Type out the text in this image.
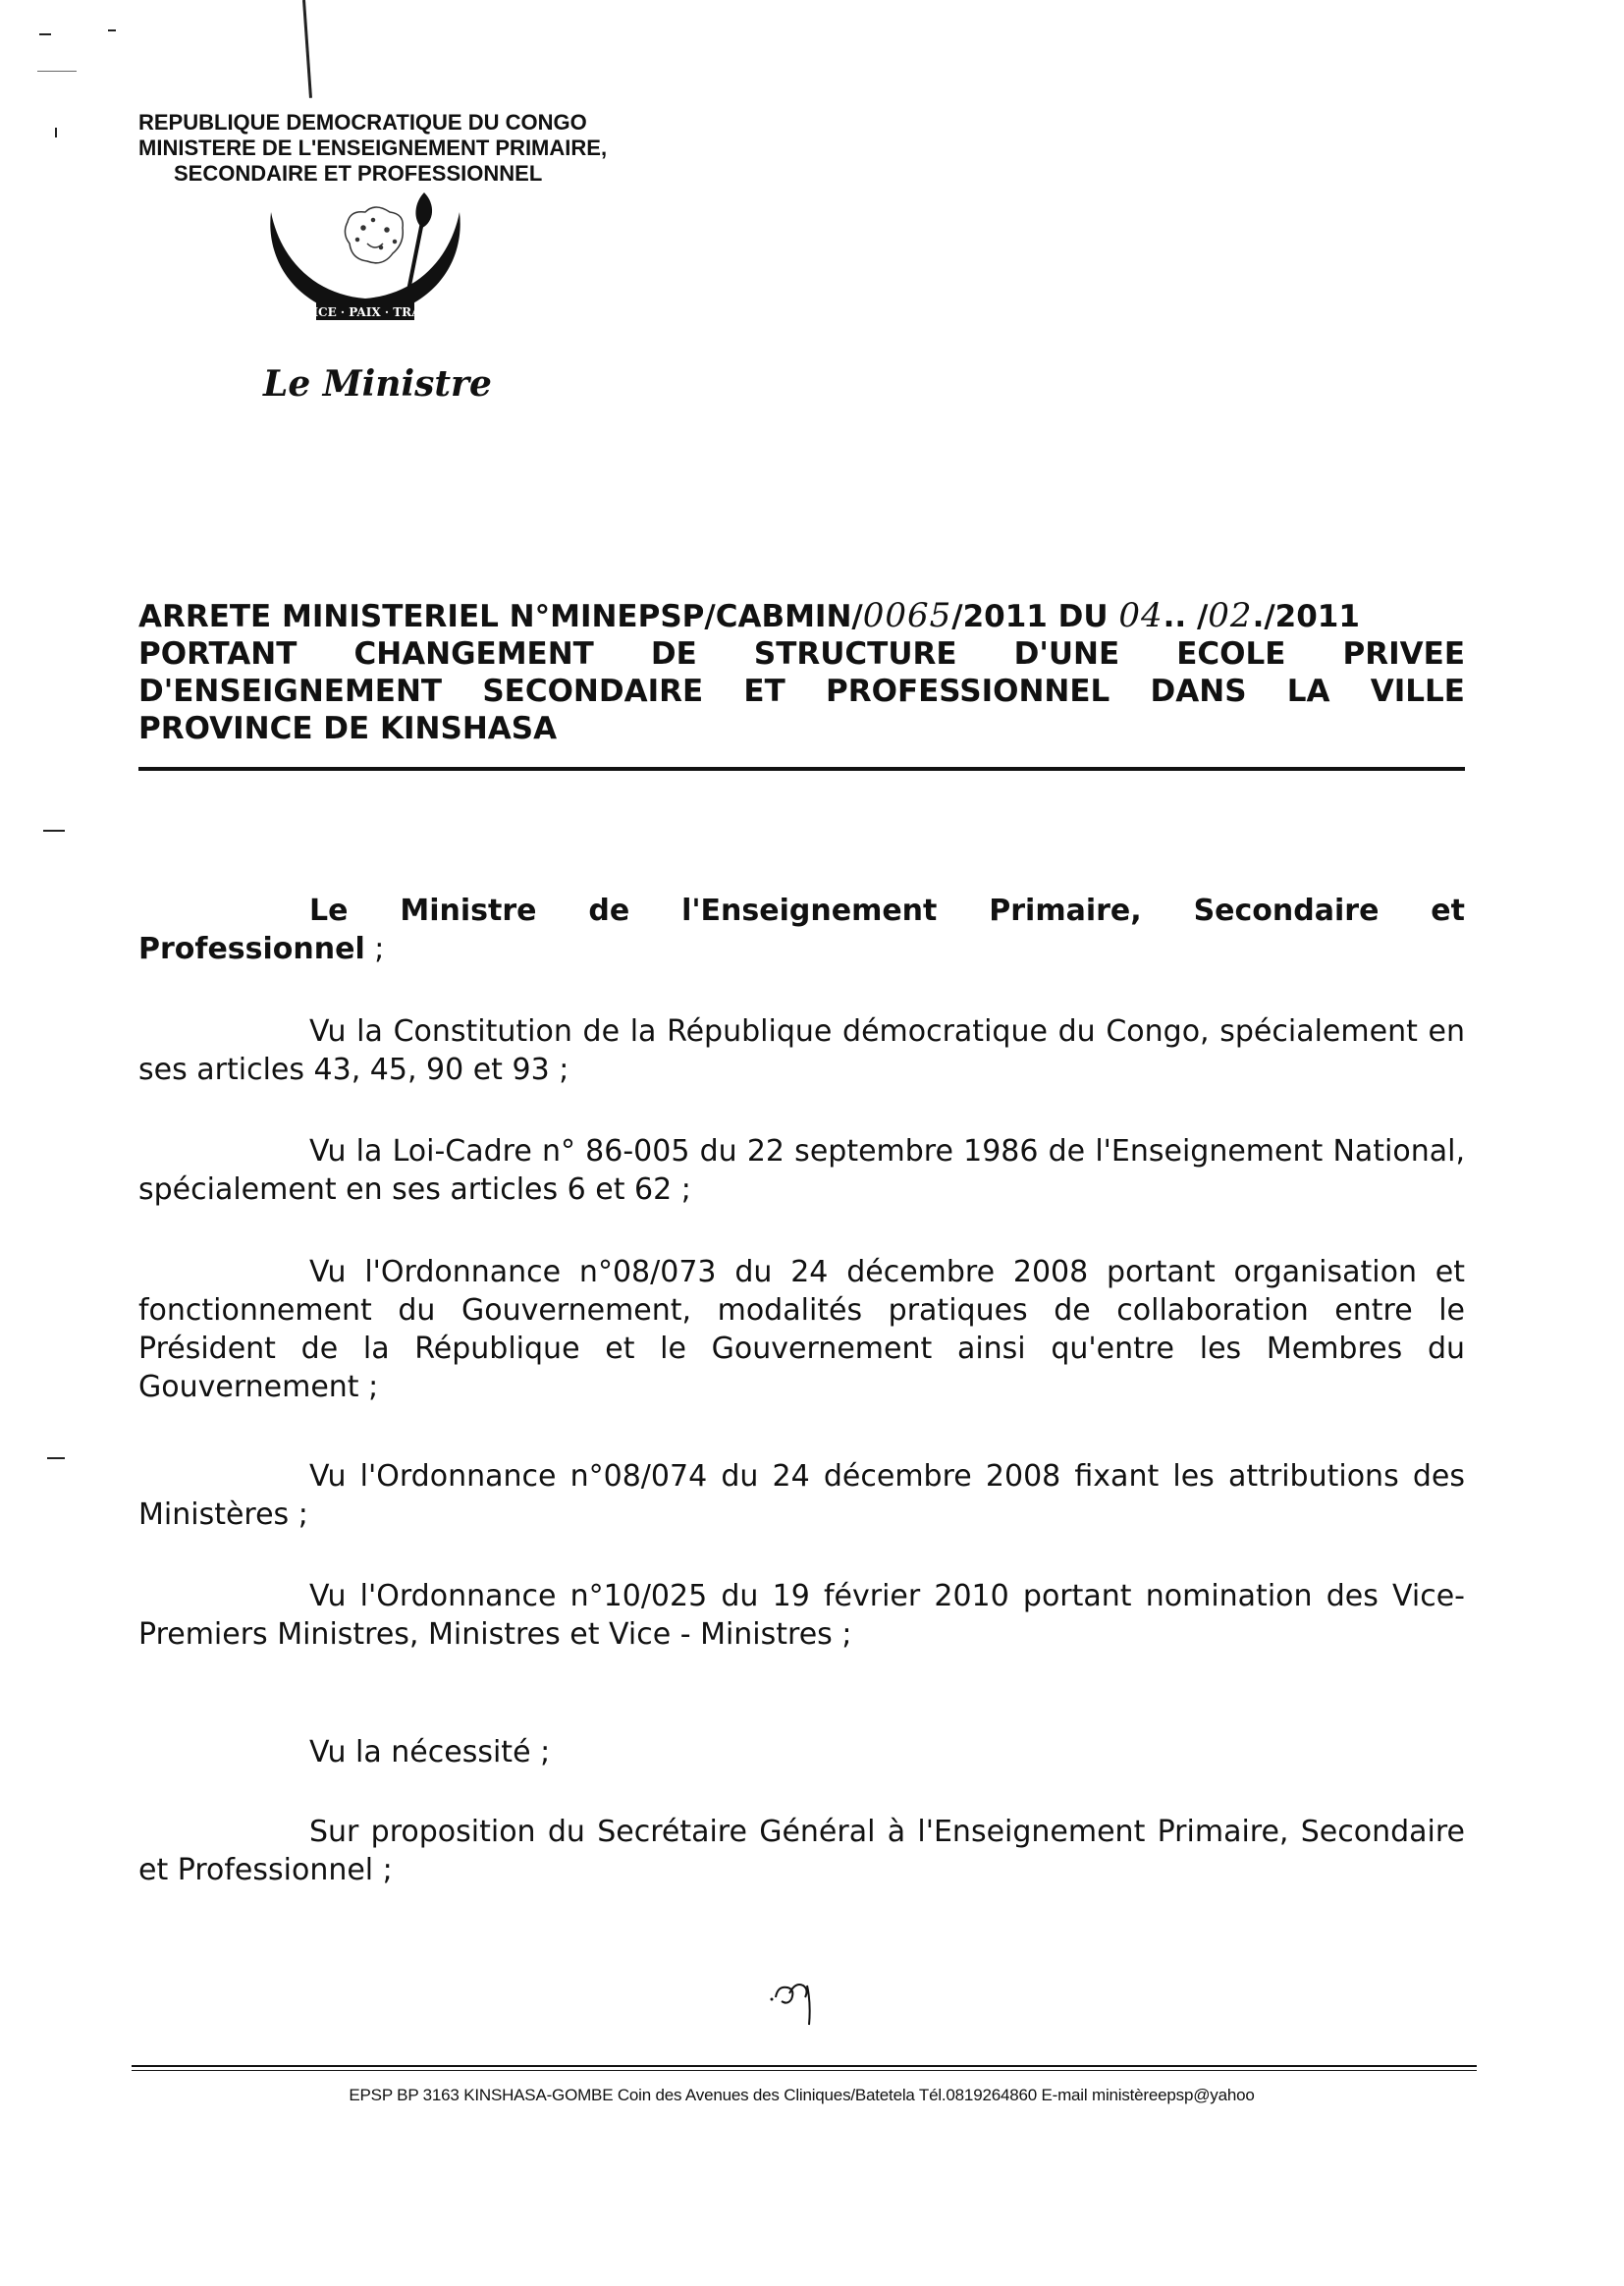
REPUBLIQUE DEMOCRATIQUE DU CONGO
MINISTERE DE L'ENSEIGNEMENT PRIMAIRE,
SECONDAIRE ET PROFESSIONNEL
JUSTICE · PAIX · TRAVAIL
Le Ministre
ARRETE MINISTERIEL N°MINEPSP/CABMIN/0065/2011 DU 04.. /02./2011
PORTANT CHANGEMENT DE STRUCTURE D'UNE ECOLE PRIVEE
D'ENSEIGNEMENT SECONDAIRE ET PROFESSIONNEL DANS LA VILLE
PROVINCE DE KINSHASA
Le Ministre de l'Enseignement Primaire, Secondaire et
Professionnel ;
Vu la Constitution de la République démocratique du Congo, spécialement en
ses articles 43, 45, 90 et 93 ;
Vu la Loi-Cadre n° 86-005 du 22 septembre 1986 de l'Enseignement National,
spécialement en ses articles 6 et 62 ;
Vu l'Ordonnance n°08/073 du 24 décembre 2008 portant organisation et
fonctionnement du Gouvernement, modalités pratiques de collaboration entre le
Président de la République et le Gouvernement ainsi qu'entre les Membres du
Gouvernement ;
Vu l'Ordonnance n°08/074 du 24 décembre 2008 fixant les attributions des
Ministères ;
Vu l'Ordonnance n°10/025 du 19 février 2010 portant nomination des Vice-
Premiers Ministres, Ministres et Vice - Ministres ;
Vu la nécessité ;
Sur proposition du Secrétaire Général à l'Enseignement Primaire, Secondaire
et Professionnel ;
EPSP BP 3163 KINSHASA-GOMBE Coin des Avenues des Cliniques/Batetela Tél.0819264860 E-mail ministèreepsp@yahoo
